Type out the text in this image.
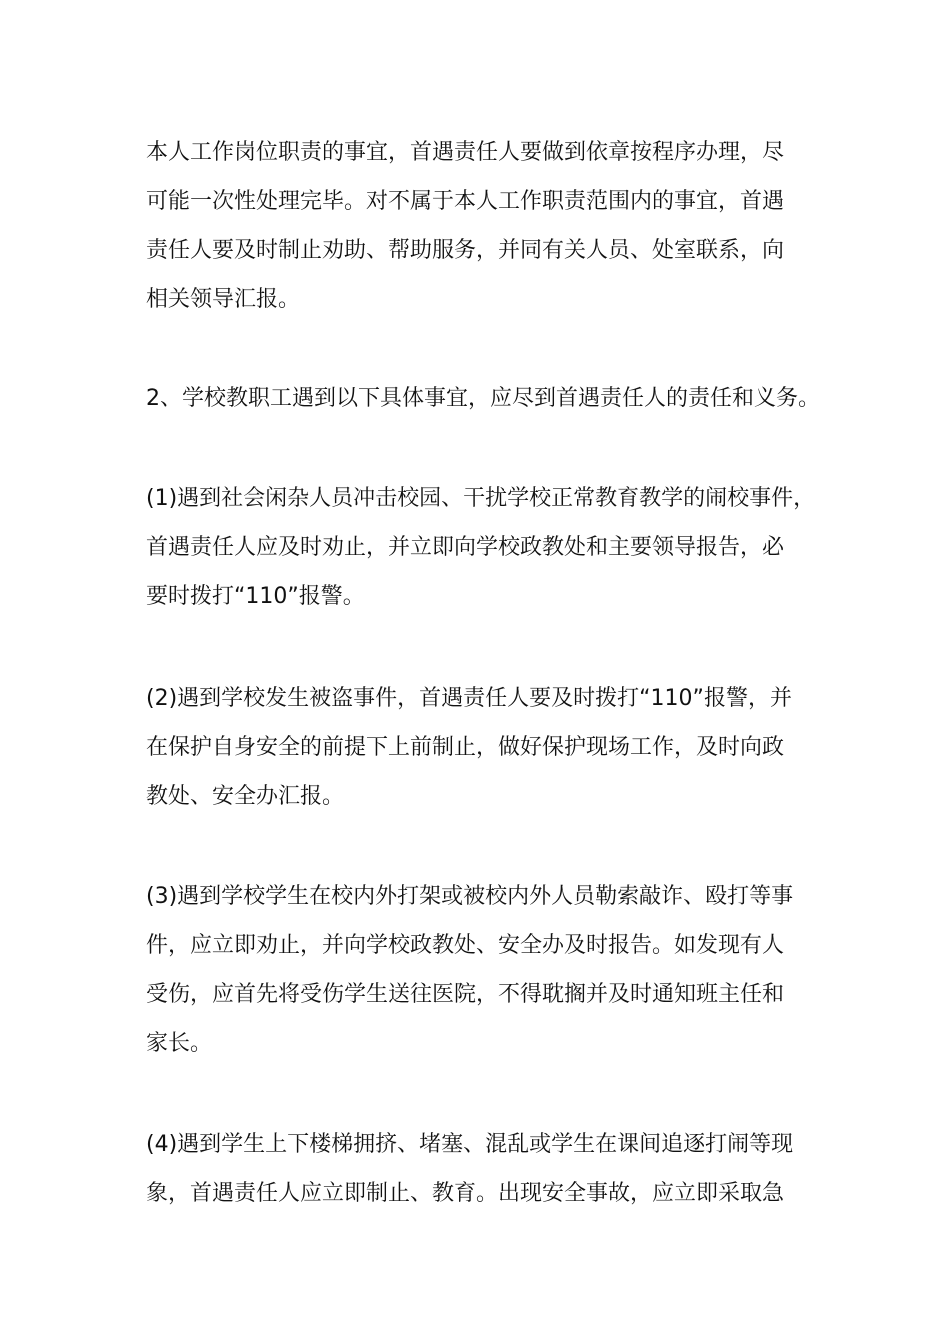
本人工作岗位职责的事宜，首遇责任人要做到依章按程序办理，尽
可能一次性处理完毕。对不属于本人工作职责范围内的事宜，首遇
责任人要及时制止劝助、帮助服务，并同有关人员、处室联系，向
相关领导汇报。
2、学校教职工遇到以下具体事宜，应尽到首遇责任人的责任和义务。
(1)遇到社会闲杂人员冲击校园、干扰学校正常教育教学的闹校事件，
首遇责任人应及时劝止，并立即向学校政教处和主要领导报告，必
要时拨打“110”报警。
(2)遇到学校发生被盗事件，首遇责任人要及时拨打“110”报警，并
在保护自身安全的前提下上前制止，做好保护现场工作，及时向政
教处、安全办汇报。
(3)遇到学校学生在校内外打架或被校内外人员勒索敲诈、殴打等事
件，应立即劝止，并向学校政教处、安全办及时报告。如发现有人
受伤，应首先将受伤学生送往医院，不得耽搁并及时通知班主任和
家长。
(4)遇到学生上下楼梯拥挤、堵塞、混乱或学生在课间追逐打闹等现
象，首遇责任人应立即制止、教育。出现安全事故，应立即采取急
